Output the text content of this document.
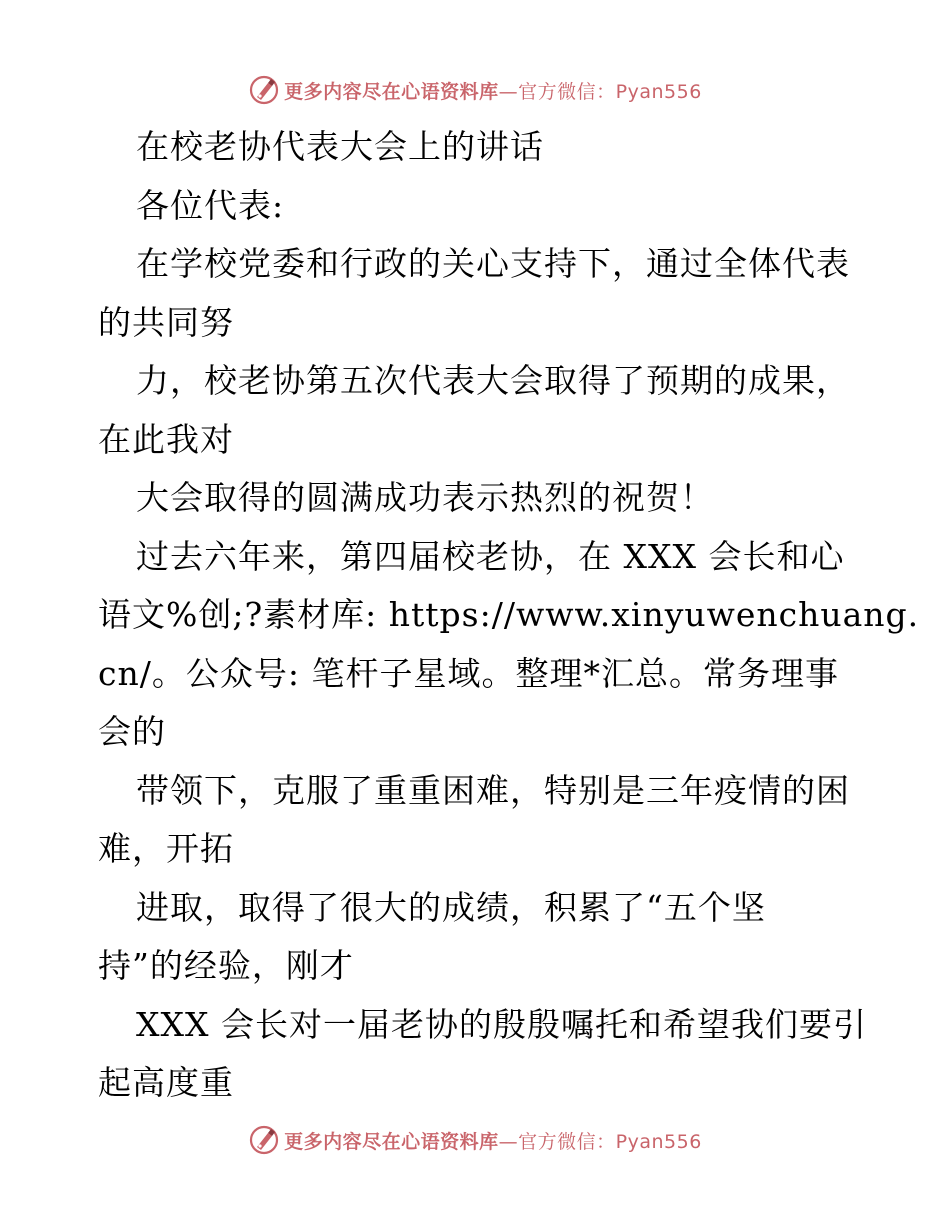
更多内容尽在心语资料库—官方微信：Pyan556
在校老协代表大会上的讲话
各位代表:
在学校党委和行政的关心支持下，通过全体代表
的共同努
力，校老协第五次代表大会取得了预期的成果，
在此我对
大会取得的圆满成功表示热烈的祝贺！
过去六年来，第四届校老协，在 XXX 会长和心
语文%创;?素材库: https://www.xinyuwenchuang.
cn/。公众号: 笔杆子星域。整理*汇总。常务理事
会的
带领下，克服了重重困难，特别是三年疫情的困
难，开拓
进取，取得了很大的成绩，积累了“五个坚
持”的经验，刚才
XXX 会长对一届老协的殷殷嘱托和希望我们要引
起高度重
更多内容尽在心语资料库—官方微信：Pyan556
